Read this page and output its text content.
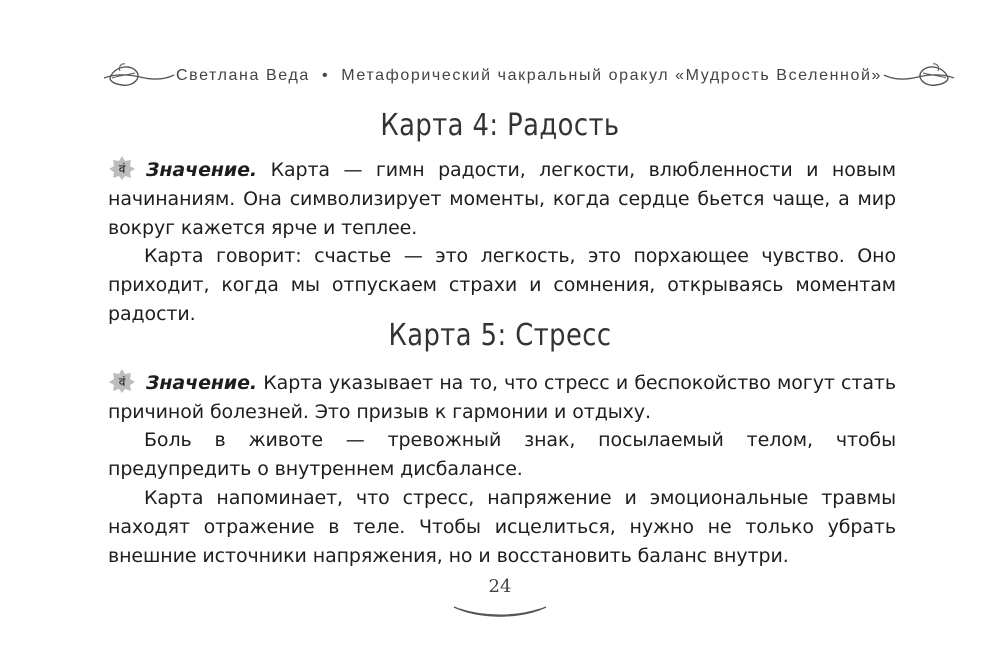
Светлана Веда • Метафорический чакральный оракул «Мудрость Вселенной»
Карта 4: Радость

वं Значение. Карта — гимн радости, легкости, влюбленности и новым начинаниям. Она символизирует моменты, когда сердце бьется чаще, а мир вокруг кажется ярче и теплее.

Карта говорит: счастье — это легкость, это порхающее чувство. Оно приходит, когда мы отпускаем страхи и сомнения, открываясь моментам радости.

Карта 5: Стресс

वं Значение. Карта указывает на то, что стресс и беспокойство могут стать причиной болезней. Это призыв к гармонии и отдыху.

Боль в животе — тревожный знак, посылаемый телом, чтобы предупредить о внутреннем дисбалансе.

Карта напоминает, что стресс, напряжение и эмоциональные травмы находят отражение в теле. Чтобы исцелиться, нужно не только убрать внешние источники напряжения, но и восстановить баланс внутри.

24
